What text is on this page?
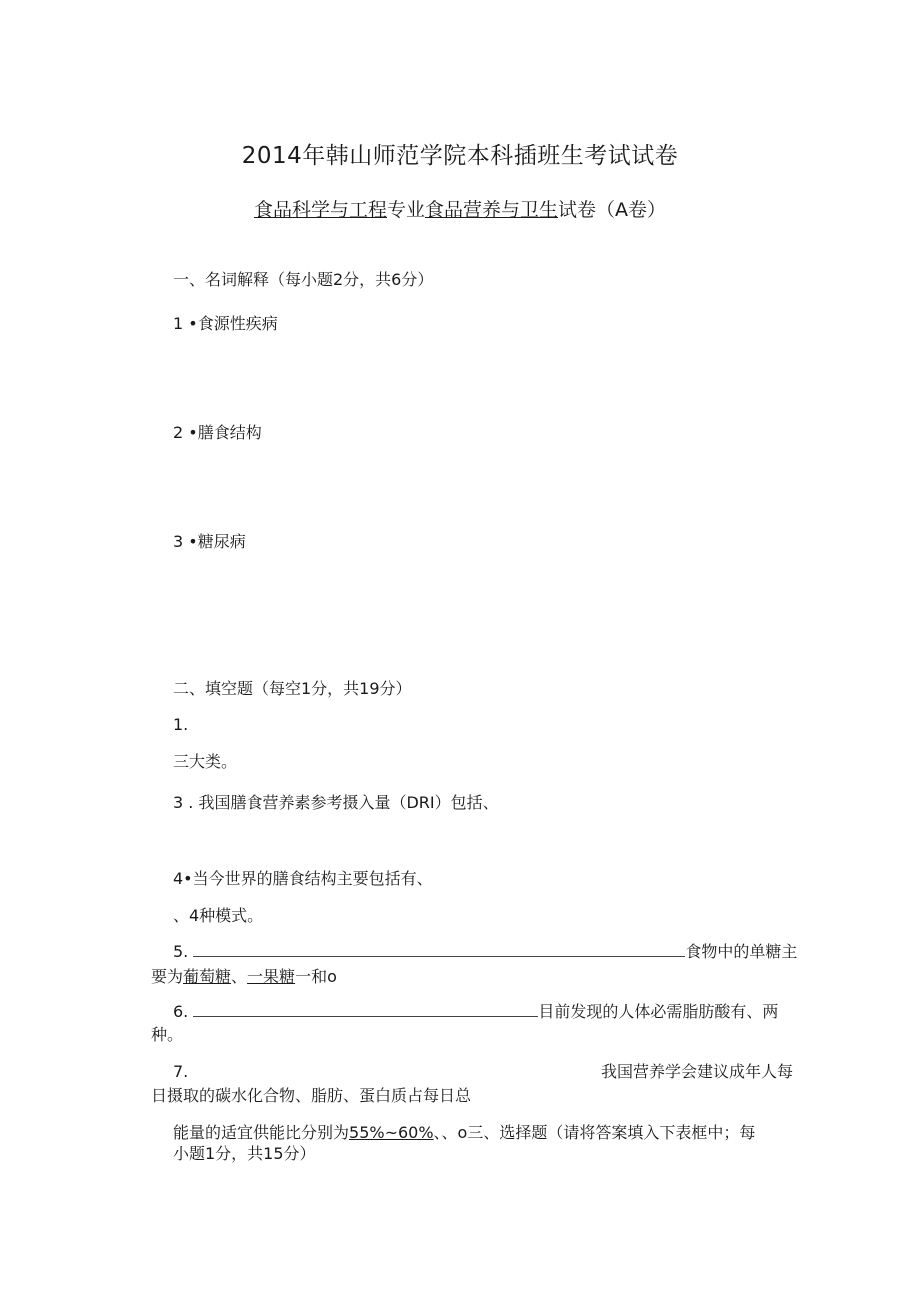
2014年韩山师范学院本科插班生考试试卷
食品科学与工程专业食品营养与卫生试卷（A卷）
一、名词解释（每小题2分，共6分）
1 •食源性疾病
2 •膳食结构
3 •糖尿病
二、填空题（每空1分，共19分）
1.
三大类。
3 . 我国膳食营养素参考摄入量（DRI）包括、
4•当今世界的膳食结构主要包括有、
、4种模式。
5.	食物中的单糖主
要为葡萄糖、一果糖一和o
6.	目前发现的人体必需脂肪酸有、两
种。
7.	我国营养学会建议成年人每
日摄取的碳水化合物、脂肪、蛋白质占每日总
能量的适宜供能比分别为55%~60%、、o三、选择题（请将答案填入下表框中；每
小题1分，共15分）
